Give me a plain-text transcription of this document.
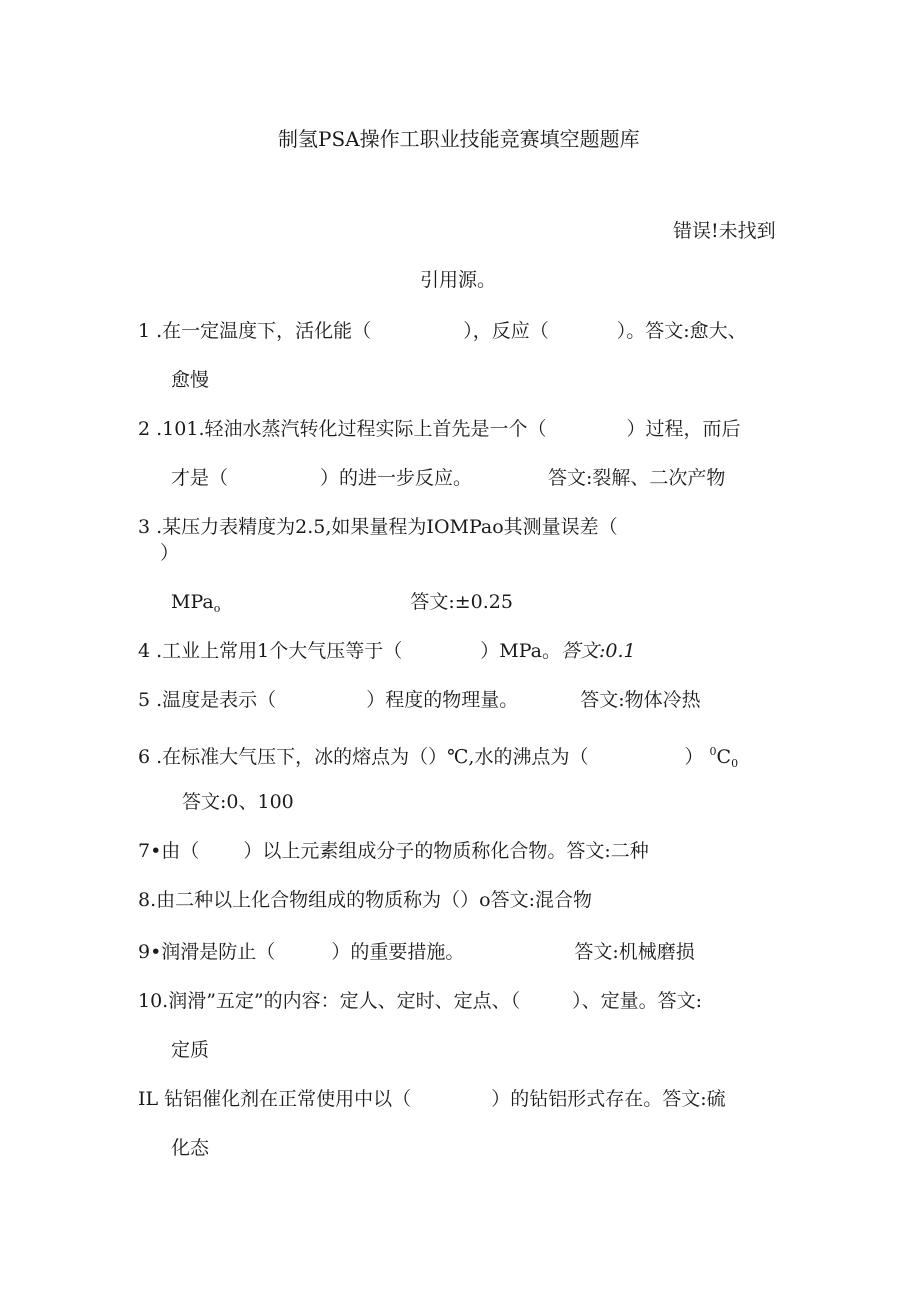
制氢PSA操作工职业技能竞赛填空题题库
错误!未找到
引用源。
1 .在一定温度下，活化能（	），反应（	）。答文:愈大、
愈慢
2 .101.轻油水蒸汽转化过程实际上首先是一个（	）过程，而后
才是（	）的进一步反应。	答文:裂解、二次产物
3 .某压力表精度为2.5,如果量程为IOMPao其测量误差（
）
MPa$_o$	答文:±0.25
4 .工业上常用1个大气压等于（	）MPa。答文:0.1
5 .温度是表示（	）程度的物理量。	答文:物体冷热
6 .在标准大气压下，冰的熔点为（）℃,水的沸点为（	） $^0C_0$
答文:0、100
7•由（ ）以上元素组成分子的物质称化合物。答文:二种
8.由二种以上化合物组成的物质称为（）o答文:混合物
9•润滑是防止（	）的重要措施。	答文:机械磨损
10.润滑”五定”的内容：定人、定时、定点、（	）、定量。答文:
定质
IL 钻铝催化剂在正常使用中以（	）的钻铝形式存在。答文:硫
化态
